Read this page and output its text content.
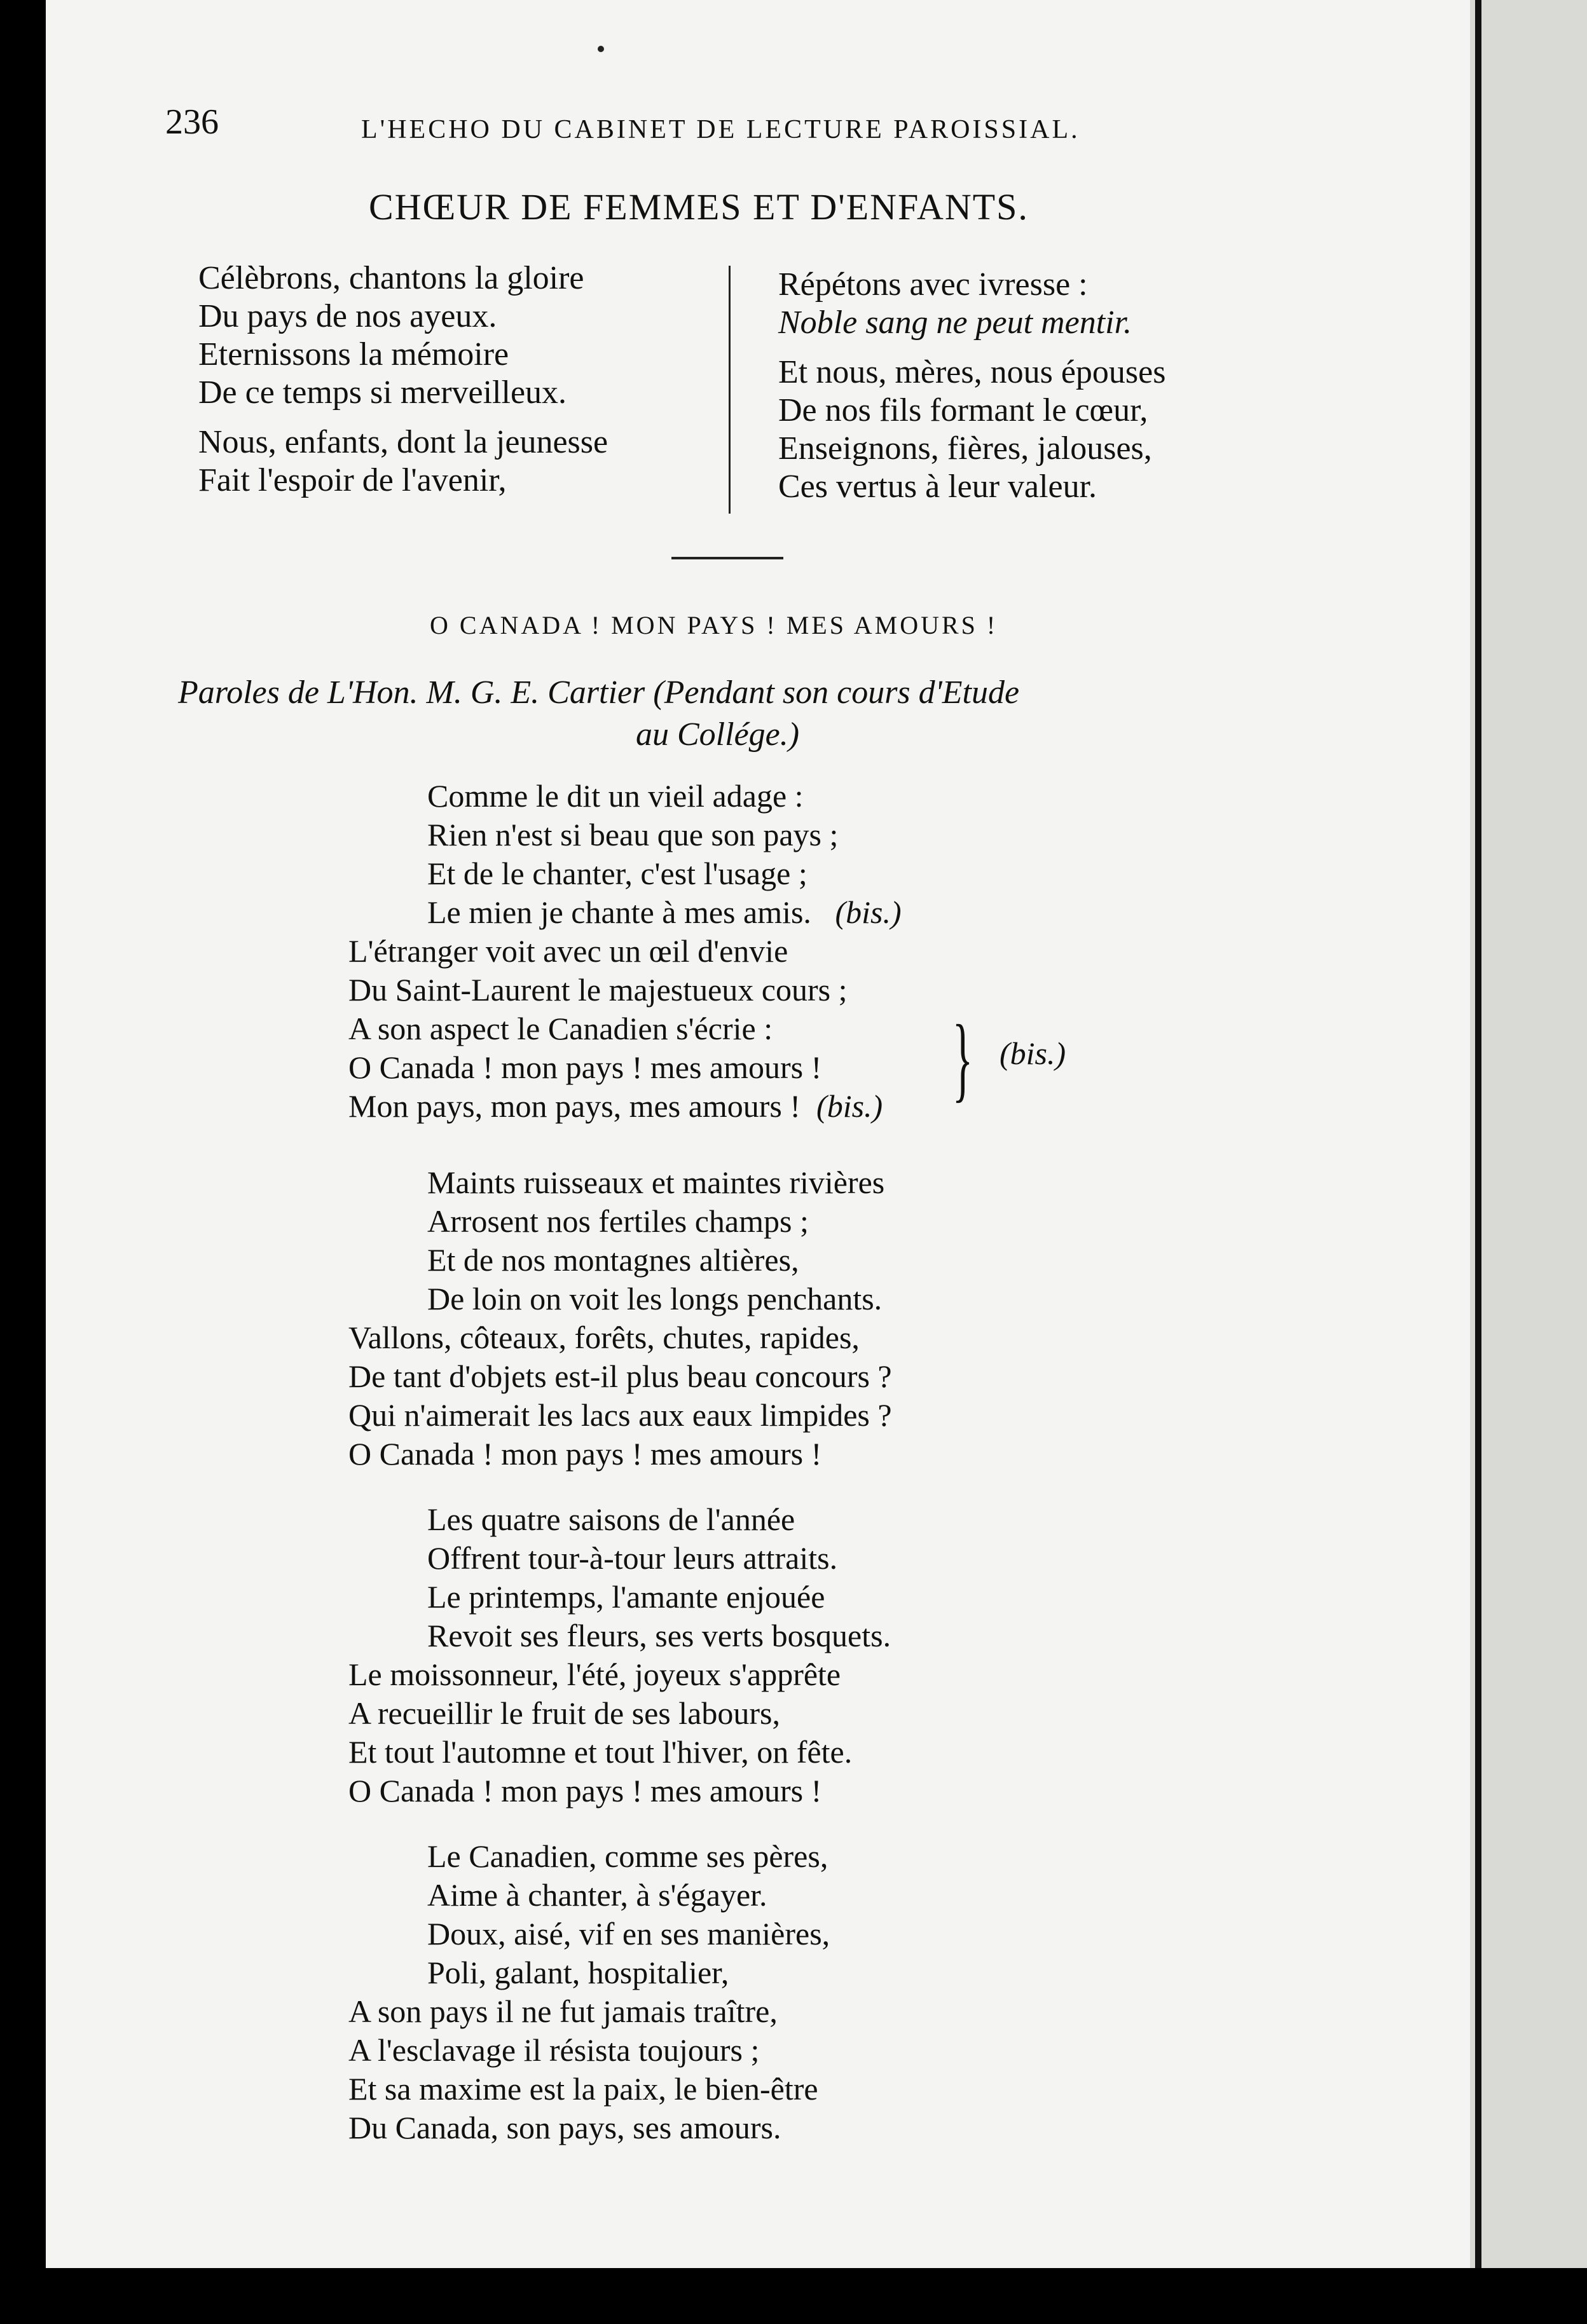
236	L'HECHO DU CABINET DE LECTURE PAROISSIAL.
CHŒUR DE FEMMES ET D'ENFANTS.
Célèbrons, chantons la gloire
Du pays de nos ayeux.
Eternissons la mémoire
De ce temps si merveilleux.
Nous, enfants, dont la jeunesse
Fait l'espoir de l'avenir,
Répétons avec ivresse :
Noble sang ne peut mentir.
Et nous, mères, nous épouses
De nos fils formant le cœur,
Enseignons, fières, jalouses,
Ces vertus à leur valeur.
O CANADA ! MON PAYS ! MES AMOURS !
Paroles de L'Hon. M. G. E. Cartier (Pendant son cours d'Etude
au Collége.)
Comme le dit un vieil adage :
Rien n'est si beau que son pays ;
Et de le chanter, c'est l'usage ;
Le mien je chante à mes amis. (bis.)
L'étranger voit avec un œil d'envie
Du Saint-Laurent le majestueux cours ;
A son aspect le Canadien s'écrie :
O Canada ! mon pays ! mes amours !
Mon pays, mon pays, mes amours ! (bis.) } (bis.)
Maints ruisseaux et maintes rivières
Arrosent nos fertiles champs ;
Et de nos montagnes altières,
De loin on voit les longs penchants.
Vallons, côteaux, forêts, chutes, rapides,
De tant d'objets est-il plus beau concours ?
Qui n'aimerait les lacs aux eaux limpides ?
O Canada ! mon pays ! mes amours !
Les quatre saisons de l'année
Offrent tour-à-tour leurs attraits.
Le printemps, l'amante enjouée
Revoit ses fleurs, ses verts bosquets.
Le moissonneur, l'été, joyeux s'apprête
A recueillir le fruit de ses labours,
Et tout l'automne et tout l'hiver, on fête.
O Canada ! mon pays ! mes amours !
Le Canadien, comme ses pères,
Aime à chanter, à s'égayer.
Doux, aisé, vif en ses manières,
Poli, galant, hospitalier,
A son pays il ne fut jamais traître,
A l'esclavage il résista toujours ;
Et sa maxime est la paix, le bien-être
Du Canada, son pays, ses amours.
